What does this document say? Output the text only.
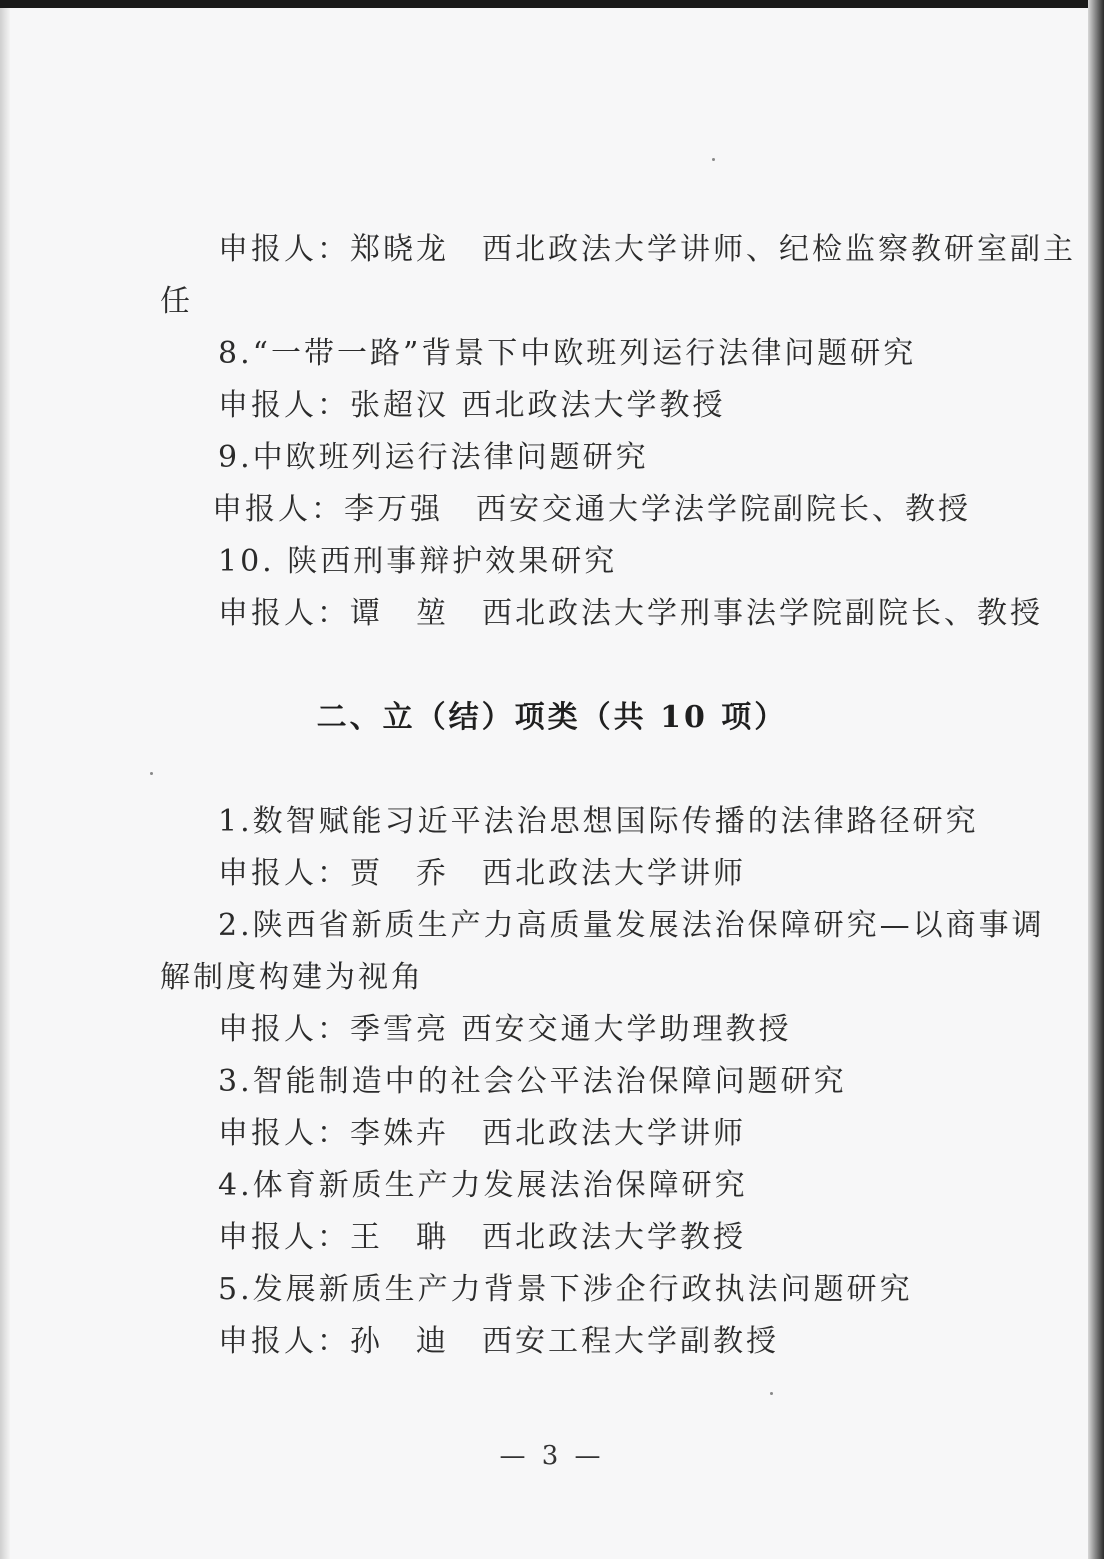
申报人：郑晓龙　西北政法大学讲师、纪检监察教研室副主
任
8.“一带一路”背景下中欧班列运行法律问题研究
申报人：张超汉 西北政法大学教授
9.中欧班列运行法律问题研究
申报人：李万强　西安交通大学法学院副院长、教授
10. 陕西刑事辩护效果研究
申报人：谭　堃　西北政法大学刑事法学院副院长、教授
二、立（结）项类（共 10 项）
1.数智赋能习近平法治思想国际传播的法律路径研究
申报人：贾　乔　西北政法大学讲师
2.陕西省新质生产力高质量发展法治保障研究—以商事调
解制度构建为视角
申报人：季雪亮 西安交通大学助理教授
3.智能制造中的社会公平法治保障问题研究
申报人：李姝卉　西北政法大学讲师
4.体育新质生产力发展法治保障研究
申报人：王　聃　西北政法大学教授
5.发展新质生产力背景下涉企行政执法问题研究
申报人：孙　迪　西安工程大学副教授
— 3 —
